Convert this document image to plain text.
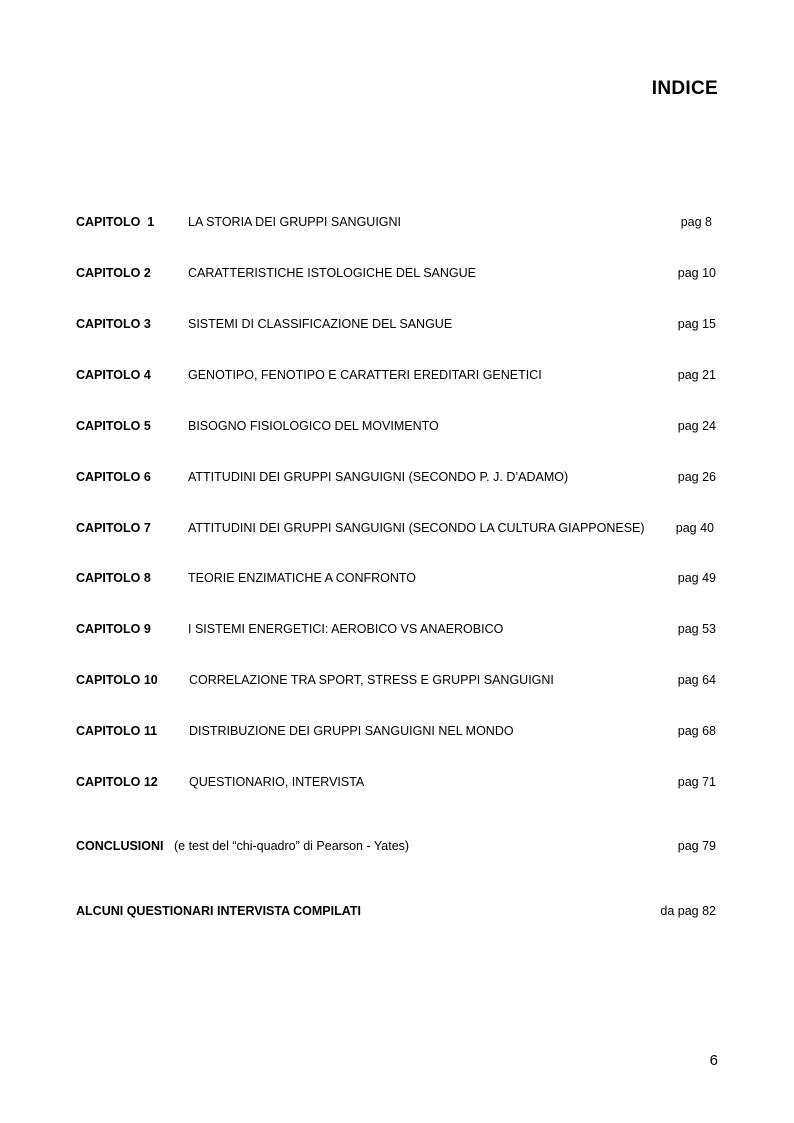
INDICE
CAPITOLO  1	LA STORIA DEI GRUPPI SANGUIGNI	pag 8
CAPITOLO 2	CARATTERISTICHE ISTOLOGICHE DEL SANGUE	pag 10
CAPITOLO 3	SISTEMI DI CLASSIFICAZIONE DEL SANGUE	pag 15
CAPITOLO 4	GENOTIPO, FENOTIPO E CARATTERI EREDITARI GENETICI	pag 21
CAPITOLO 5	BISOGNO FISIOLOGICO DEL MOVIMENTO	pag 24
CAPITOLO 6	ATTITUDINI DEI GRUPPI SANGUIGNI (SECONDO P. J. D’ADAMO)	pag 26
CAPITOLO 7	ATTITUDINI DEI GRUPPI SANGUIGNI (SECONDO LA CULTURA GIAPPONESE) pag 40
CAPITOLO 8	TEORIE ENZIMATICHE A CONFRONTO	pag 49
CAPITOLO 9	I SISTEMI ENERGETICI: AEROBICO VS ANAEROBICO	pag 53
CAPITOLO 10	CORRELAZIONE TRA SPORT, STRESS E GRUPPI SANGUIGNI	pag 64
CAPITOLO 11	DISTRIBUZIONE DEI GRUPPI SANGUIGNI NEL MONDO	pag 68
CAPITOLO 12	QUESTIONARIO, INTERVISTA	pag 71
CONCLUSIONI (e test del “chi-quadro” di Pearson - Yates)	pag 79
ALCUNI QUESTIONARI INTERVISTA COMPILATI	da pag 82
6
